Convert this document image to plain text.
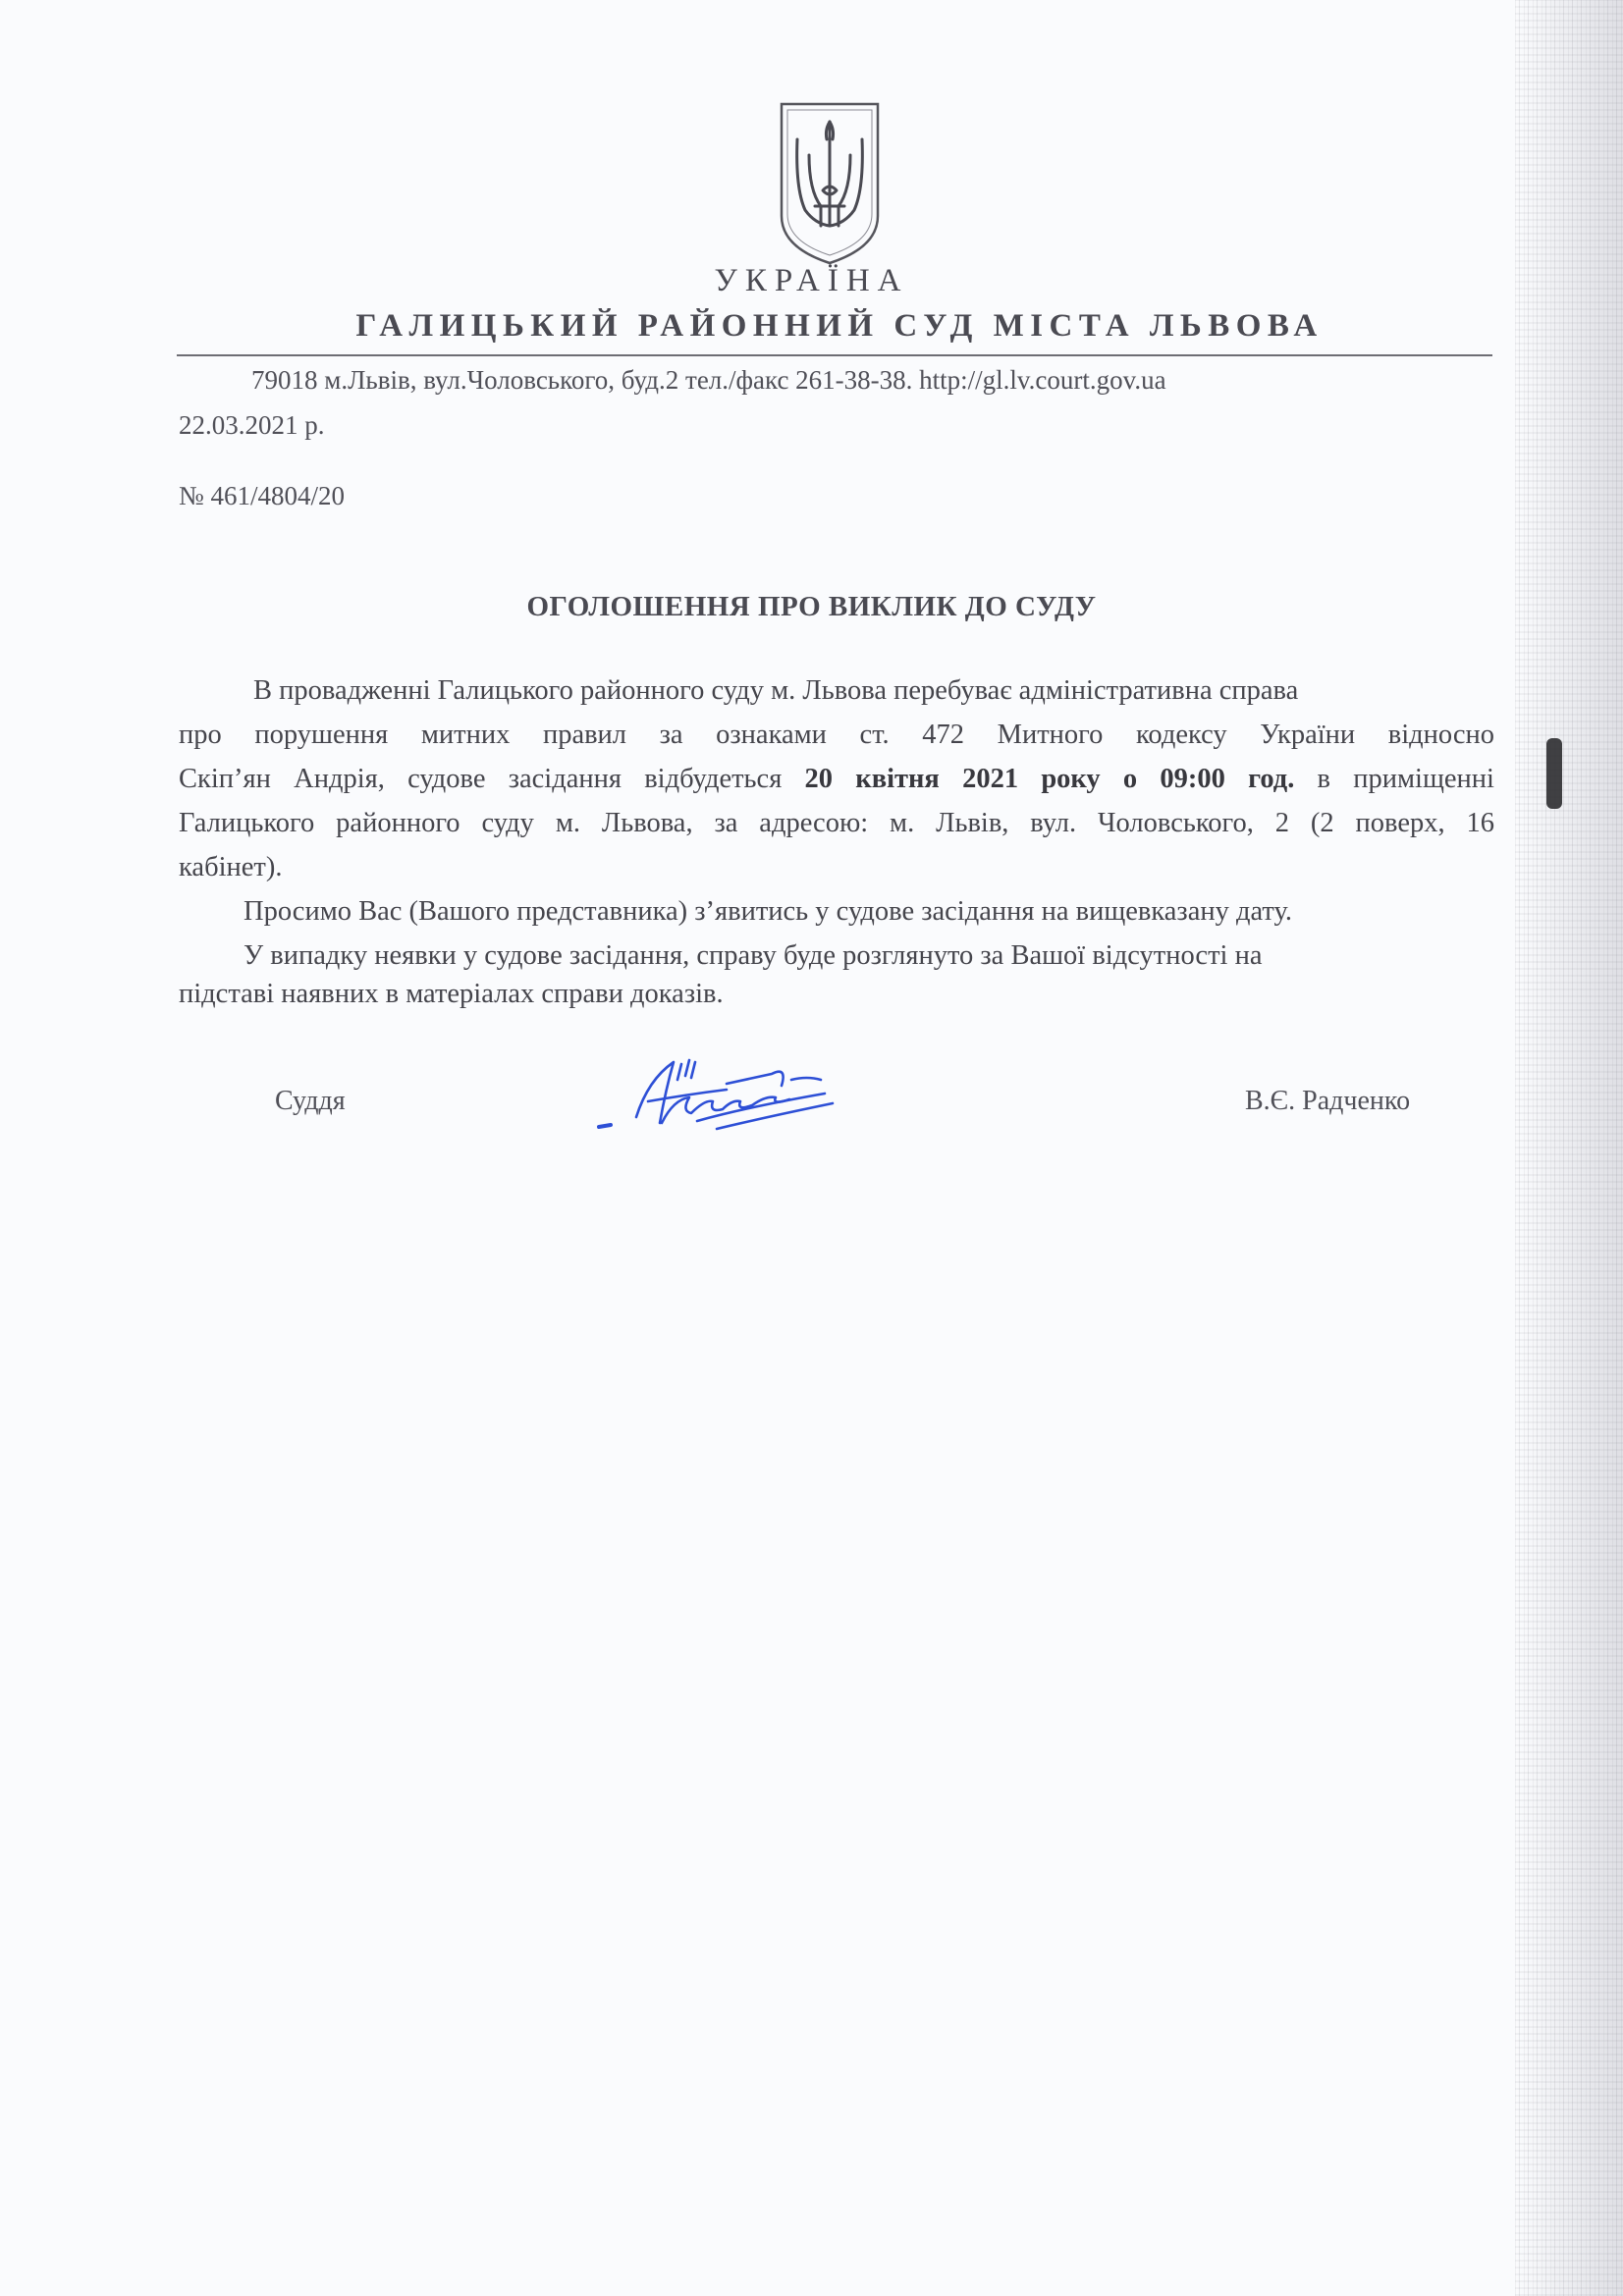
УКРАЇНА
ГАЛИЦЬКИЙ РАЙОННИЙ СУД МІСТА ЛЬВОВА
79018 м.Львів, вул.Чоловського, буд.2 тел./факс 261-38-38. http://gl.lv.court.gov.ua
22.03.2021 р.
№ 461/4804/20
ОГОЛОШЕННЯ ПРО ВИКЛИК ДО СУДУ
В провадженні Галицького районного суду м. Львова перебуває адміністративна справа
про порушення митних правил за ознаками ст. 472 Митного кодексу України відносно
Скіп’ян Андрія, судове засідання відбудеться 20 квітня 2021 року о 09:00 год. в приміщенні
Галицького районного суду м. Львова, за адресою: м. Львів, вул. Чоловського, 2 (2 поверх, 16
кабінет).
Просимо Вас (Вашого представника) з’явитись у судове засідання на вищевказану дату.
У випадку неявки у судове засідання, справу буде розглянуто за Вашої відсутності на
підставі наявних в матеріалах справи доказів.
Суддя	В.Є. Радченко
